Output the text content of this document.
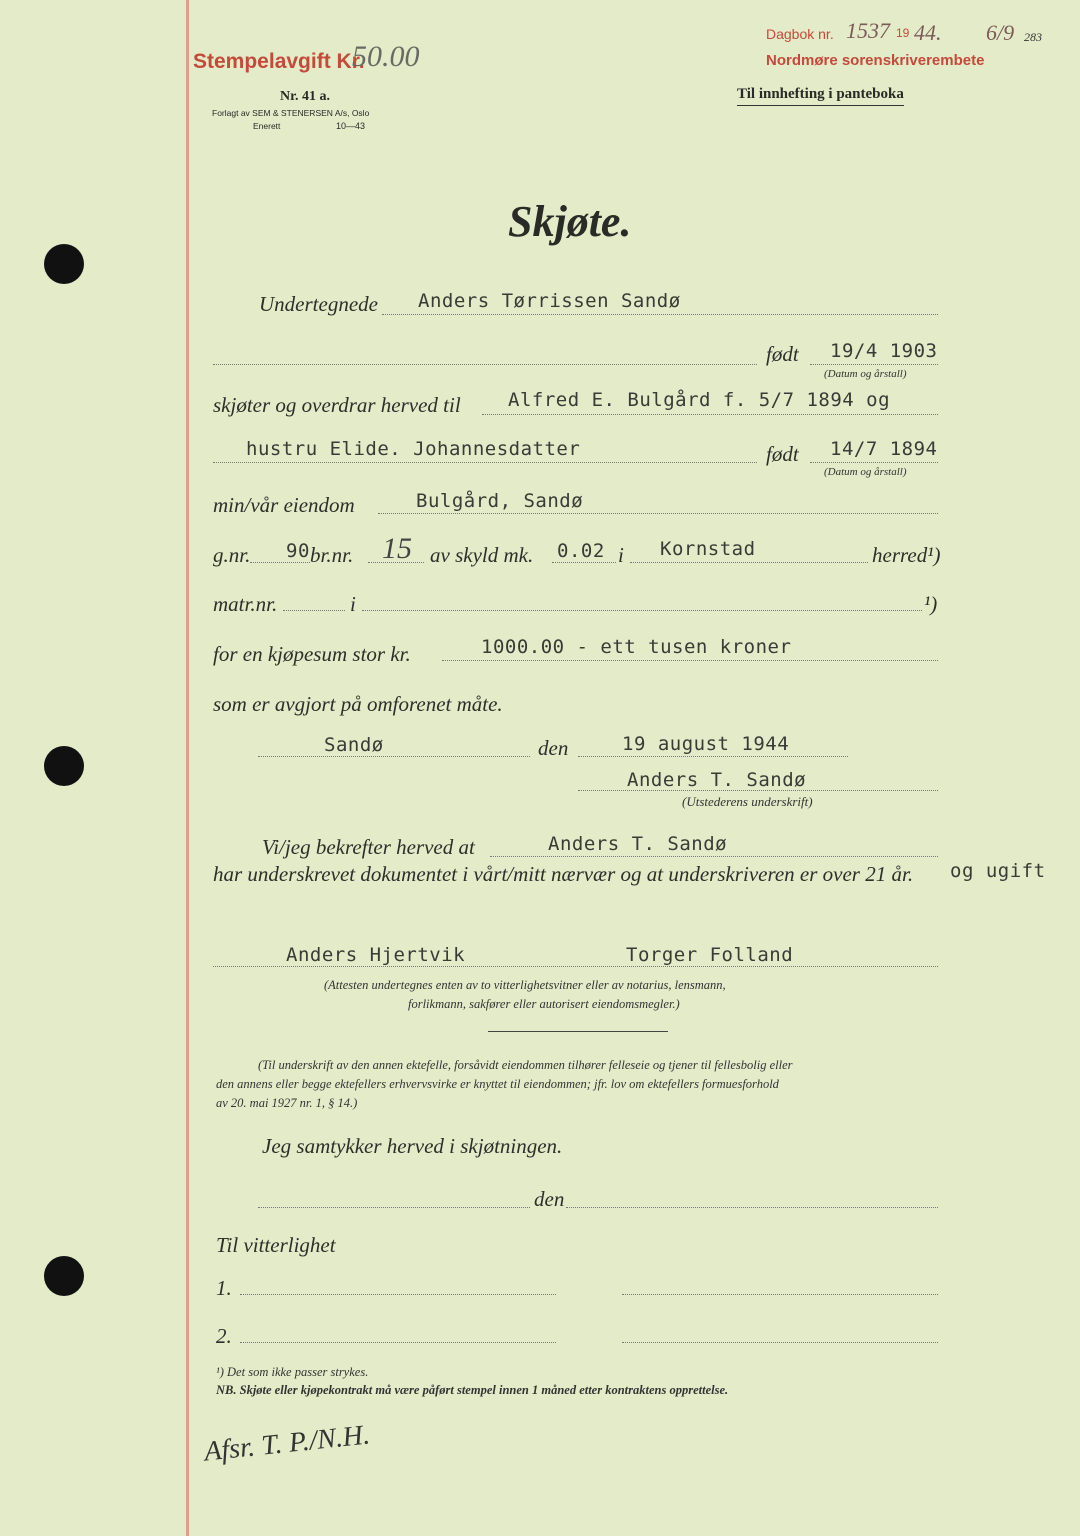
Stempelavgift Kr.
50.00
Nr. 41 a.
Forlagt av SEM & STENERSEN A/s, Oslo
Enerett	10—43
Dagbok nr. 1537 19 44. 6/9 283
Nordmøre sorenskriverembete
Til innhefting i panteboka
Skjøte.
Undertegnede Anders Tørrissen Sandø
født 19/4 1903
(Datum og årstall)
skjøter og overdrar herved til Alfred E. Bulgård f. 5/7 1894 og
hustru Elide. Johannesdatter	født 14/7 1894
(Datum og årstall)
min/vår eiendom	Bulgård, Sandø
g.nr. 90 br.nr. 15 av skyld mk. 0.02 i Kornstad	herred¹)
matr.nr.	i	¹)
for en kjøpesum stor kr.	1000.00 - ett tusen kroner
som er avgjort på omforenet måte.
Sandø	den	19 august 1944
Anders T. Sandø
(Utstederens underskrift)
Vi/jeg bekrefter herved at	Anders T. Sandø
har underskrevet dokumentet i vårt/mitt nærvær og at underskriveren er over 21 år. og ugift
Anders Hjertvik	Torger Folland
(Attesten undertegnes enten av to vitterlighetsvitner eller av notarius, lensmann,
forlikmann, sakfører eller autorisert eiendomsmegler.)
(Til underskrift av den annen ektefelle, forsåvidt eiendommen tilhører felleseie og tjener til fellesbolig eller
den annens eller begge ektefellers erhvervsvirke er knyttet til eiendommen; jfr. lov om ektefellers formuesforhold
av 20. mai 1927 nr. 1, § 14.)
Jeg samtykker herved i skjøtningen.
den
Til vitterlighet
1.
2.
¹) Det som ikke passer strykes.
NB. Skjøte eller kjøpekontrakt må være påført stempel innen 1 måned etter kontraktens opprettelse.
Afsr. T. P./N.H.
